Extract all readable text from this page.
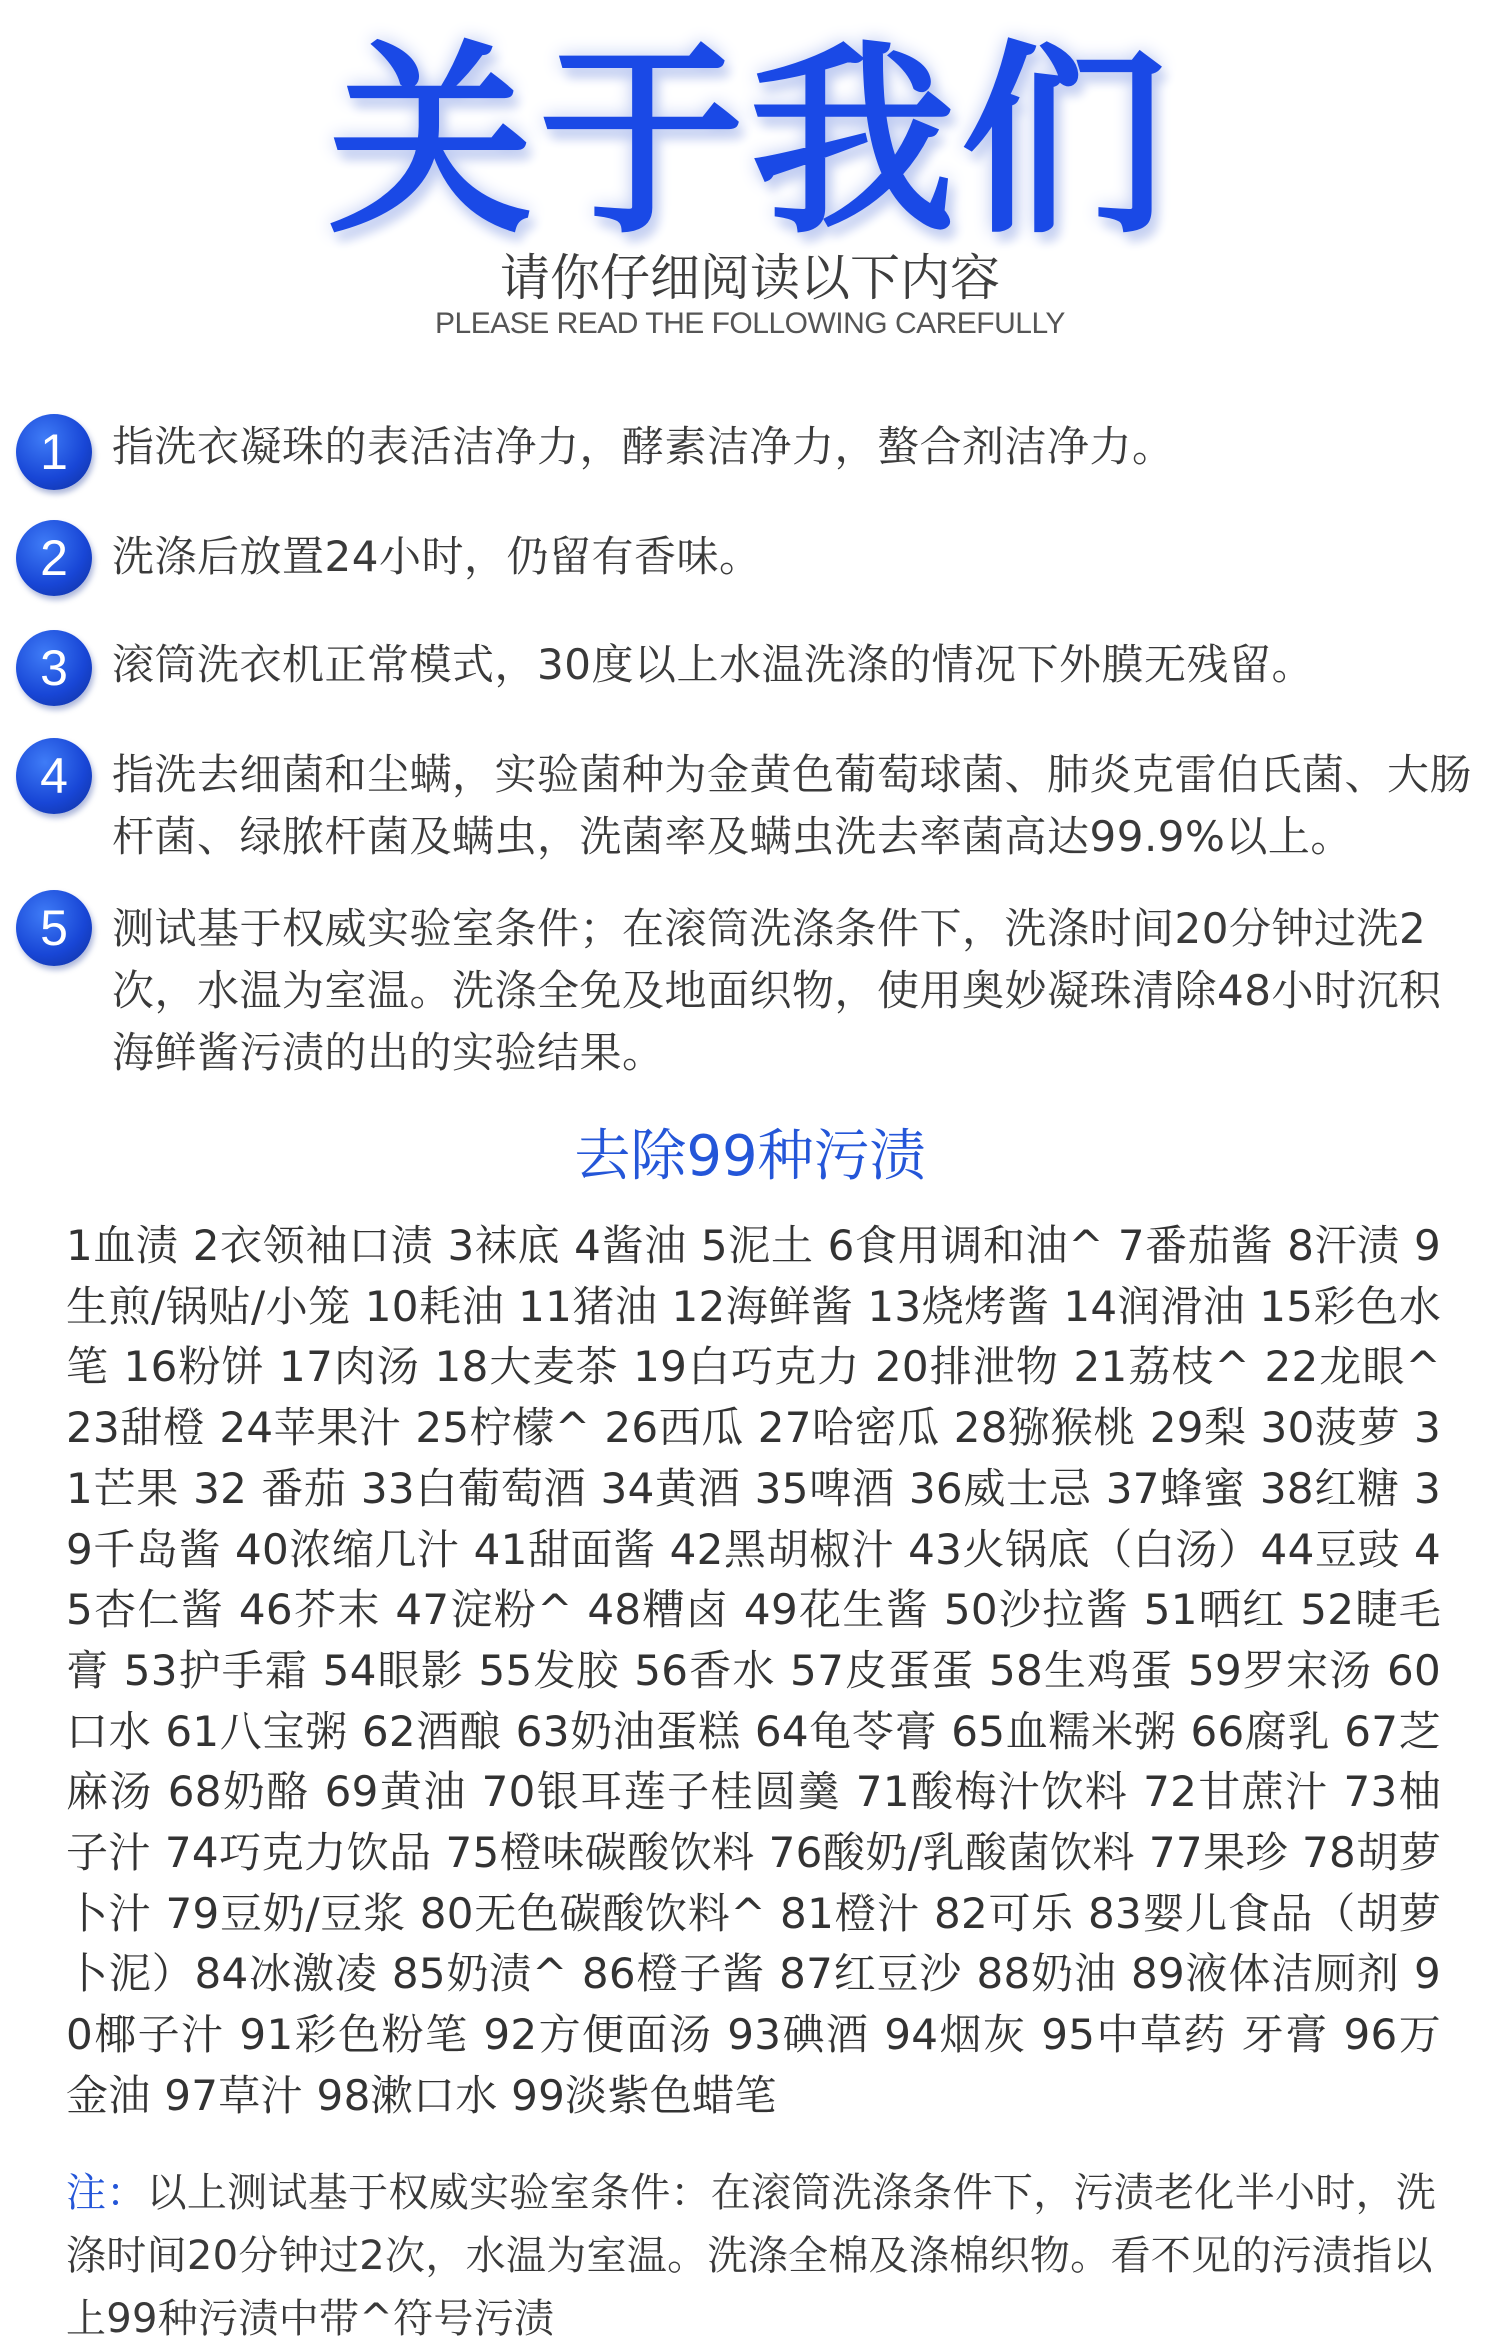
关于我们
请你仔细阅读以下内容
PLEASE READ THE FOLLOWING CAREFULLY
1	指洗衣凝珠的表活洁净力，酵素洁净力，螯合剂洁净力。
2	洗涤后放置24小时，仍留有香味。
3	滚筒洗衣机正常模式，30度以上水温洗涤的情况下外膜无残留。
4	指洗去细菌和尘螨，实验菌种为金黄色葡萄球菌、肺炎克雷伯氏菌、大肠杆菌、绿脓杆菌及螨虫，洗菌率及螨虫洗去率菌高达99.9%以上。
5	测试基于权威实验室条件；在滚筒洗涤条件下，洗涤时间20分钟过洗2次，水温为室温。洗涤全免及地面织物，使用奥妙凝珠清除48小时沉积海鲜酱污渍的出的实验结果。
去除99种污渍
1血渍 2衣领袖口渍 3袜底 4酱油 5泥土 6食用调和油^ 7番茄酱 8汗渍 9生煎/锅贴/小笼 10耗油 11猪油 12海鲜酱 13烧烤酱 14润滑油 15彩色水笔 16粉饼 17肉汤 18大麦茶 19白巧克力 20排泄物 21荔枝^ 22龙眼^ 23甜橙 24苹果汁 25柠檬^ 26西瓜 27哈密瓜 28猕猴桃 29梨 30菠萝 31芒果 32 番茄 33白葡萄酒 34黄酒 35啤酒 36威士忌 37蜂蜜 38红糖 39千岛酱 40浓缩几汁 41甜面酱 42黑胡椒汁 43火锅底（白汤）44豆豉 45杏仁酱 46芥末 47淀粉^ 48糟卤 49花生酱 50沙拉酱 51晒红 52睫毛膏 53护手霜 54眼影 55发胶 56香水 57皮蛋蛋 58生鸡蛋 59罗宋汤 60口水 61八宝粥 62酒酿 63奶油蛋糕 64龟苓膏 65血糯米粥 66腐乳 67芝麻汤 68奶酪 69黄油 70银耳莲子桂圆羹 71酸梅汁饮料 72甘蔗汁 73柚子汁 74巧克力饮品 75橙味碳酸饮料 76酸奶/乳酸菌饮料 77果珍 78胡萝卜汁 79豆奶/豆浆 80无色碳酸饮料^ 81橙汁 82可乐 83婴儿食品（胡萝卜泥）84冰激凌 85奶渍^ 86橙子酱 87红豆沙 88奶油 89液体洁厕剂 90椰子汁 91彩色粉笔 92方便面汤 93碘酒 94烟灰 95中草药 牙膏 96万金油 97草汁 98漱口水 99淡紫色蜡笔
注：以上测试基于权威实验室条件：在滚筒洗涤条件下，污渍老化半小时，洗涤时间20分钟过2次，水温为室温。洗涤全棉及涤棉织物。看不见的污渍指以上99种污渍中带^符号污渍
